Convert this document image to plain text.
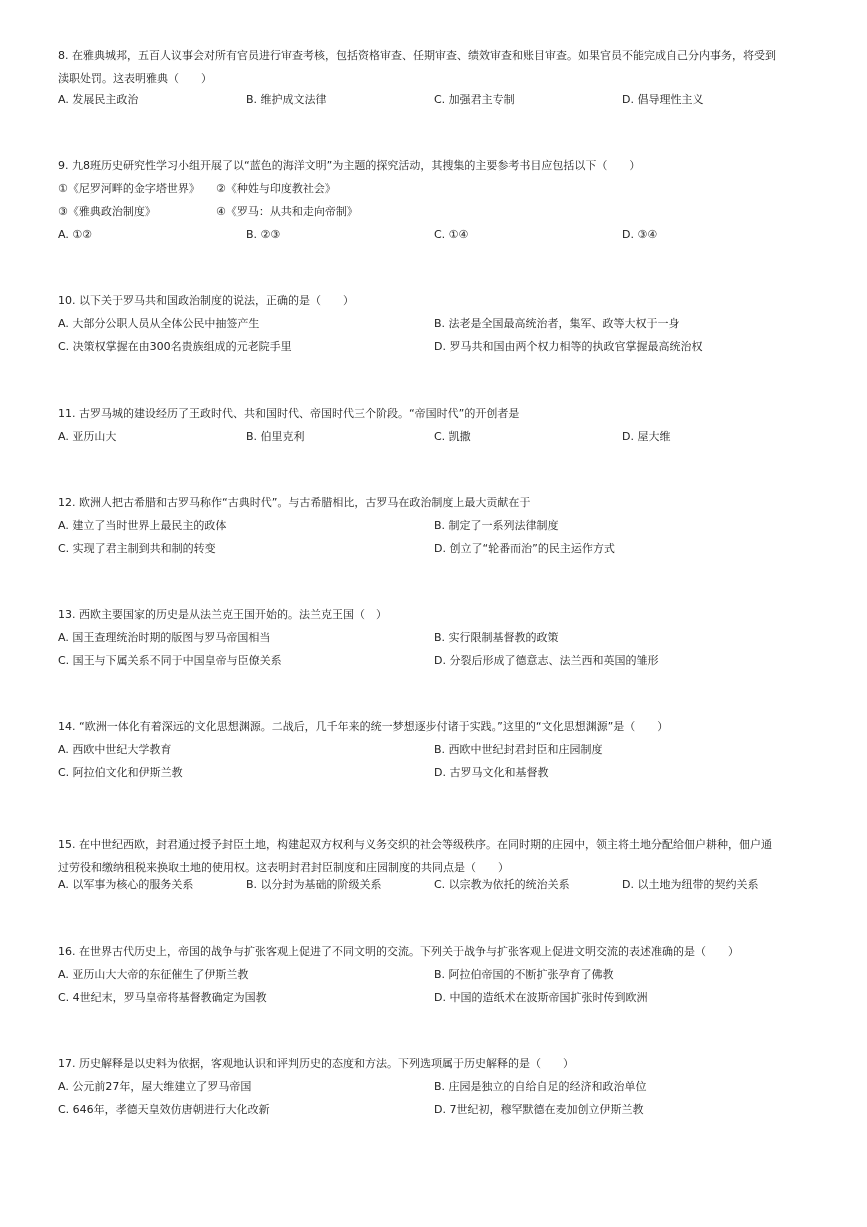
8. 在雅典城邦，五百人议事会对所有官员进行审查考核，包括资格审查、任期审查、绩效审查和账目审查。如果官员不能完成自己分内事务，将受到
渎职处罚。这表明雅典（　　）
A. 发展民主政治	B. 维护成文法律	C. 加强君主专制	D. 倡导理性主义
9. 九8班历史研究性学习小组开展了以“蓝色的海洋文明”为主题的探究活动，其搜集的主要参考书目应包括以下（　　）
①《尼罗河畔的金字塔世界》 ②《种姓与印度教社会》
③《雅典政治制度》	④《罗马：从共和走向帝制》
A. ①②	B. ②③	C. ①④	D. ③④
10. 以下关于罗马共和国政治制度的说法，正确的是（　　）
A. 大部分公职人员从全体公民中抽签产生	B. 法老是全国最高统治者，集军、政等大权于一身
C. 决策权掌握在由300名贵族组成的元老院手里	D. 罗马共和国由两个权力相等的执政官掌握最高统治权
11. 古罗马城的建设经历了王政时代、共和国时代、帝国时代三个阶段。“帝国时代”的开创者是
A. 亚历山大	B. 伯里克利	C. 凯撒	D. 屋大维
12. 欧洲人把古希腊和古罗马称作“古典时代”。与古希腊相比，古罗马在政治制度上最大贡献在于
A. 建立了当时世界上最民主的政体	B. 制定了一系列法律制度
C. 实现了君主制到共和制的转变	D. 创立了“轮番而治”的民主运作方式
13. 西欧主要国家的历史是从法兰克王国开始的。法兰克王国（　）
A. 国王查理统治时期的版图与罗马帝国相当	B. 实行限制基督教的政策
C. 国王与下属关系不同于中国皇帝与臣僚关系	D. 分裂后形成了德意志、法兰西和英国的雏形
14. “欧洲一体化有着深远的文化思想渊源。二战后，几千年来的统一梦想逐步付诸于实践。”这里的“文化思想渊源”是（　　）
A. 西欧中世纪大学教育	B. 西欧中世纪封君封臣和庄园制度
C. 阿拉伯文化和伊斯兰教	D. 古罗马文化和基督教
15. 在中世纪西欧，封君通过授予封臣土地，构建起双方权利与义务交织的社会等级秩序。在同时期的庄园中，领主将土地分配给佃户耕种，佃户通
过劳役和缴纳租税来换取土地的使用权。这表明封君封臣制度和庄园制度的共同点是（　　）
A. 以军事为核心的服务关系	B. 以分封为基础的阶级关系	C. 以宗教为依托的统治关系	D. 以土地为纽带的契约关系
16. 在世界古代历史上，帝国的战争与扩张客观上促进了不同文明的交流。下列关于战争与扩张客观上促进文明交流的表述准确的是（　　）
A. 亚历山大大帝的东征催生了伊斯兰教	B. 阿拉伯帝国的不断扩张孕育了佛教
C. 4世纪末，罗马皇帝将基督教确定为国教	D. 中国的造纸术在波斯帝国扩张时传到欧洲
17. 历史解释是以史料为依据，客观地认识和评判历史的态度和方法。下列选项属于历史解释的是（　　）
A. 公元前27年，屋大维建立了罗马帝国	B. 庄园是独立的自给自足的经济和政治单位
C. 646年，孝德天皇效仿唐朝进行大化改新	D. 7世纪初，穆罕默德在麦加创立伊斯兰教
